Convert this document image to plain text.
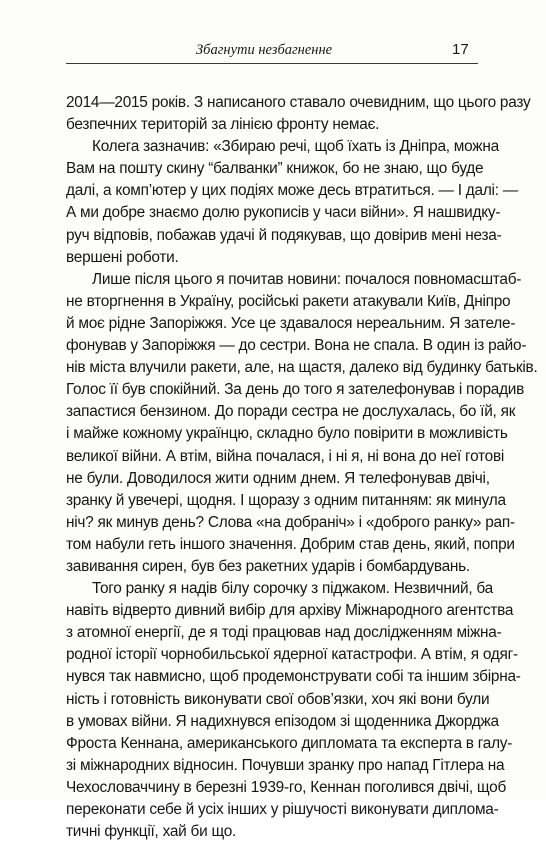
Збагнути незбагненне	17
2014—2015 років. З написаного ставало очевидним, що цього разу
безпечних територій за лінією фронту немає.
Колега зазначив: «Збираю речі, щоб їхать із Дніпра, можна
Вам на пошту скину “балванки” книжок, бо не знаю, що буде
далі, а комп’ютер у цих подіях може десь втратиться. — І далі: —
А ми добре знаємо долю рукописів у часи війни». Я нашвидку-
руч відповів, побажав удачі й подякував, що довірив мені неза-
вершені роботи.
Лише після цього я почитав новини: почалося повномасштаб-
не вторгнення в Україну, російські ракети атакували Київ, Дніпро
й моє рідне Запоріжжя. Усе це здавалося нереальним. Я зателе-
фонував у Запоріжжя — до сестри. Вона не спала. В один із райо-
нів міста влучили ракети, але, на щастя, далеко від будинку батьків.
Голос її був спокійний. За день до того я зателефонував і порадив
запастися бензином. До поради сестра не дослухалась, бо їй, як
і майже кожному українцю, складно було повірити в можливість
великої війни. А втім, війна почалася, і ні я, ні вона до неї готові
не були. Доводилося жити одним днем. Я телефонував двічі,
зранку й увечері, щодня. І щоразу з одним питанням: як минула
ніч? як минув день? Слова «на добраніч» і «доброго ранку» рап-
том набули геть іншого значення. Добрим став день, який, попри
завивання сирен, був без ракетних ударів і бомбардувань.
Того ранку я надів білу сорочку з піджаком. Незвичний, ба
навіть відверто дивний вибір для архіву Міжнародного агентства
з атомної енергії, де я тоді працював над дослідженням міжна-
родної історії чорнобильської ядерної катастрофи. А втім, я одяг-
нувся так навмисно, щоб продемонструвати собі та іншим збірна-
ність і готовність виконувати свої обов’язки, хоч які вони були
в умовах війни. Я надихнувся епізодом зі щоденника Джорджа
Фроста Кеннана, американського дипломата та експерта в галу-
зі міжнародних відносин. Почувши зранку про напад Гітлера на
Чехословаччину в березні 1939-го, Кеннан поголився двічі, щоб
переконати себе й усіх інших у рішучості виконувати диплома-
тичні функції, хай би що.
